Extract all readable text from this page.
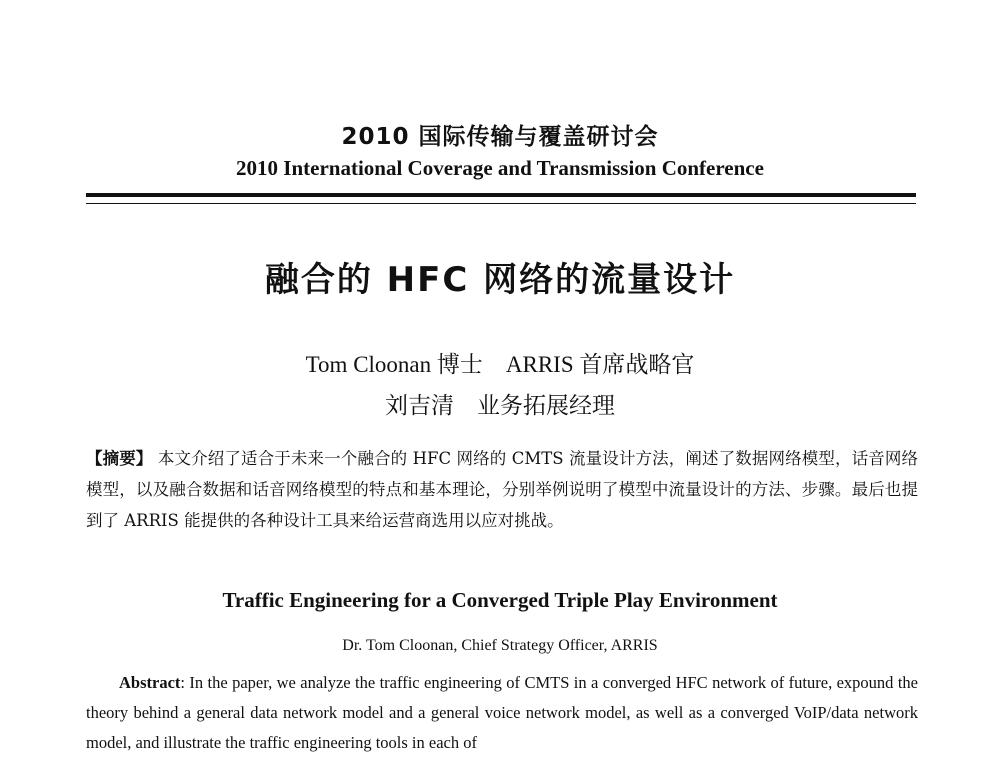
2010 国际传输与覆盖研讨会
2010 International Coverage and Transmission Conference
融合的 HFC 网络的流量设计
Tom Cloonan 博士    ARRIS 首席战略官
刘吉清    业务拓展经理
【摘要】 本文介绍了适合于未来一个融合的 HFC 网络的 CMTS 流量设计方法，阐述了数据网络模型，话音网络模型，以及融合数据和话音网络模型的特点和基本理论，分别举例说明了模型中流量设计的方法、步骤。最后也提到了 ARRIS 能提供的各种设计工具来给运营商选用以应对挑战。
Traffic Engineering for a Converged Triple Play Environment
Dr. Tom Cloonan, Chief Strategy Officer, ARRIS
Abstract: In the paper, we analyze the traffic engineering of CMTS in a converged HFC network of future, expound the theory behind a general data network model and a general voice network model, as well as a converged VoIP/data network model, and illustrate the traffic engineering tools in each of
